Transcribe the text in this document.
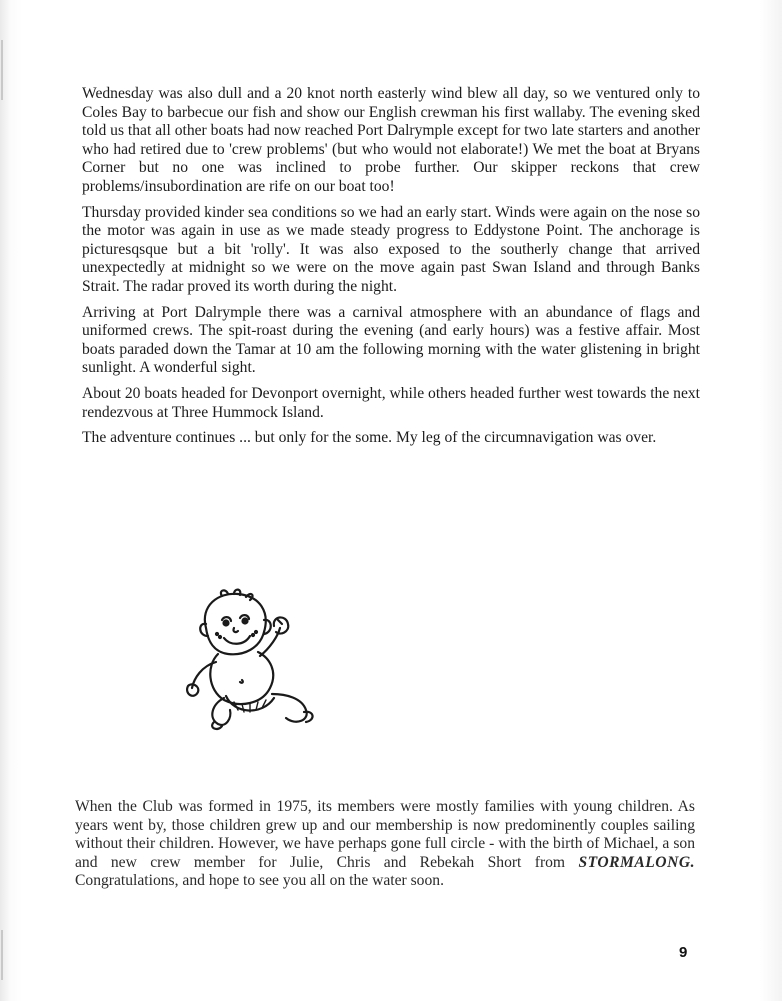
Wednesday was also dull and a 20 knot north easterly wind blew all day, so we ventured only to Coles Bay to barbecue our fish and show our English crewman his first wallaby. The evening sked told us that all other boats had now reached Port Dalrymple except for two late starters and another who had retired due to 'crew problems' (but who would not elaborate!) We met the boat at Bryans Corner but no one was inclined to probe further. Our skipper reckons that crew problems/insubordination are rife on our boat too!

Thursday provided kinder sea conditions so we had an early start. Winds were again on the nose so the motor was again in use as we made steady progress to Eddystone Point. The anchorage is picturesqsque but a bit 'rolly'. It was also exposed to the southerly change that arrived unexpectedly at midnight so we were on the move again past Swan Island and through Banks Strait. The radar proved its worth during the night.

Arriving at Port Dalrymple there was a carnival atmosphere with an abundance of flags and uniformed crews. The spit-roast during the evening (and early hours) was a festive affair. Most boats paraded down the Tamar at 10 am the following morning with the water glistening in bright sunlight. A wonderful sight.

About 20 boats headed for Devonport overnight, while others headed further west towards the next rendezvous at Three Hummock Island.

The adventure continues ... but only for the some. My leg of the circumnavigation was over.

When the Club was formed in 1975, its members were mostly families with young children. As years went by, those children grew up and our membership is now predominently couples sailing without their children. However, we have perhaps gone full circle - with the birth of Michael, a son and new crew member for Julie, Chris and Rebekah Short from STORMALONG. Congratulations, and hope to see you all on the water soon.

9
